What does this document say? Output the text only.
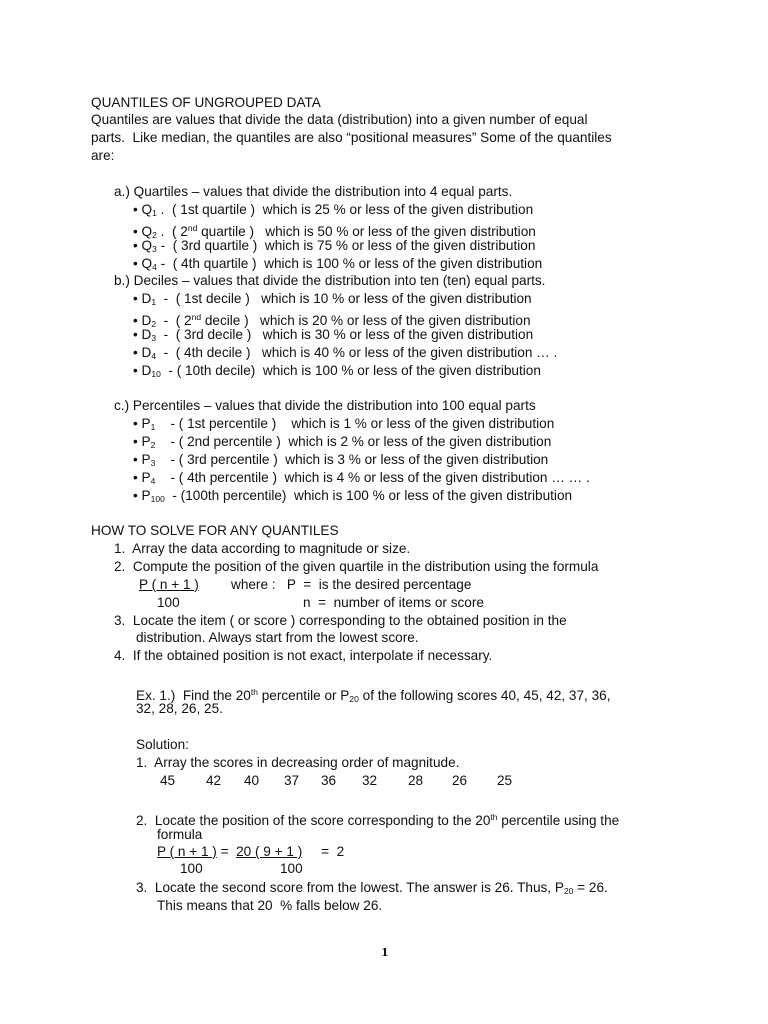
QUANTILES OF UNGROUPED DATA
Quantiles are values that divide the data (distribution) into a given number of equal
parts.  Like median, the quantiles are also “positional measures” Some of the quantiles
are:
a.) Quartiles – values that divide the distribution into 4 equal parts.
• $Q_1$ .  ( 1st quartile )  which is 25 % or less of the given distribution
• $Q_2$ .  ( 2nd quartile )   which is 50 % or less of the given distribution
• $Q_3$ -  ( 3rd quartile )  which is 75 % or less of the given distribution
• $Q_4$ -  ( 4th quartile )  which is 100 % or less of the given distribution
b.) Deciles – values that divide the distribution into ten (ten) equal parts.
• $D_1$  -  ( 1st decile )   which is 10 % or less of the given distribution
• $D_2$  -  ( 2nd decile )   which is 20 % or less of the given distribution
• $D_3$  -  ( 3rd decile )   which is 30 % or less of the given distribution
• $D_4$  -  ( 4th decile )   which is 40 % or less of the given distribution … .
• $D_{10}$  - ( 10th decile)  which is 100 % or less of the given distribution
c.) Percentiles – values that divide the distribution into 100 equal parts
• $P_1$    - ( 1st percentile )    which is 1 % or less of the given distribution
• $P_2$    - ( 2nd percentile )  which is 2 % or less of the given distribution
• $P_3$    - ( 3rd percentile )  which is 3 % or less of the given distribution
• $P_4$    - ( 4th percentile )  which is 4 % or less of the given distribution … … .
• $P_{100} - (100th$ percentile)  which is 100 % or less of the given distribution
HOW TO SOLVE FOR ANY QUANTILES
1.  Array the data according to magnitude or size.
2.  Compute the position of the given quartile in the distribution using the formula
P ( n + 1 ) where :   P  =  is the desired percentage
100	n  =  number of items or score
3.  Locate the item ( or score ) corresponding to the obtained position in the
distribution. Always start from the lowest score.
4.  If the obtained position is not exact, interpolate if necessary.
Ex. 1.)  Find the 20th percentile or $P_{20}$ of the following scores 40, 45, 42, 37, 36,
32, 28, 26, 25.
Solution:
1.  Array the scores in decreasing order of magnitude.
45 42 40 37 36 32 28 26 25
2.  Locate the position of the score corresponding to the 20th percentile using the
formula
P ( n + 1 ) =  20 ( 9 + 1 )     =  2
100	100
3.  Locate the second score from the lowest. The answer is 26. Thus, $P_{20} = 26$.
This means that 20  % falls below 26.
1
